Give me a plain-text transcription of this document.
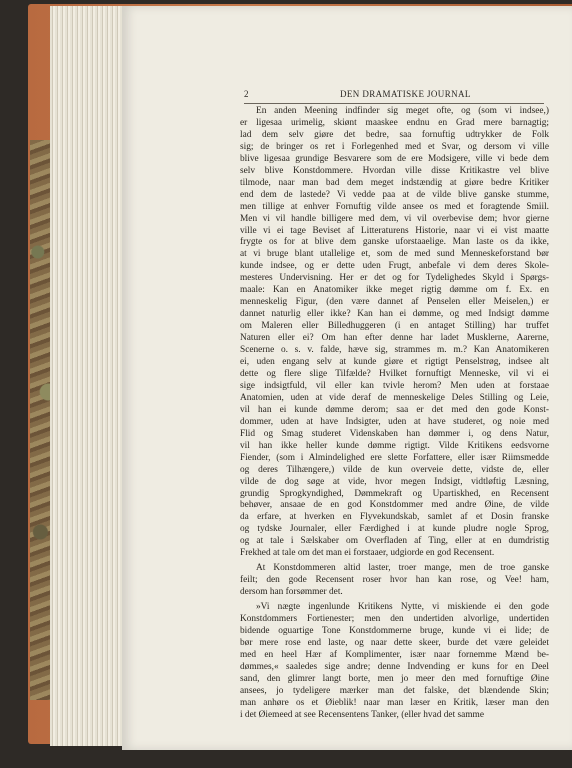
2	DEN DRAMATISKE JOURNAL
En anden Meening indfinder sig meget ofte, og (som vi indsee,)
er ligesaa urimelig, skiønt maaskee endnu en Grad mere barnagtig;
lad dem selv giøre det bedre, saa fornuftig udtrykker de Folk
sig; de bringer os ret i Forlegenhed med et Svar, og dersom vi ville
blive ligesaa grundige Besvarere som de ere Modsigere, ville vi bede dem
selv blive Konstdommere. Hvordan ville disse Kritikastre vel blive
tilmode, naar man bad dem meget indstændig at giøre bedre Kritiker
end dem de lastede? Vi vedde paa at de vilde blive ganske stumme,
men tillige at enhver Fornuftig vilde ansee os med et foragtende Smiil.
Men vi vil handle billigere med dem, vi vil overbevise dem; hvor gierne
ville vi ei tage Beviset af Litteraturens Historie, naar vi ei vist maatte
frygte os for at blive dem ganske uforstaaelige. Man laste os da ikke,
at vi bruge blant utallelige et, som de med sund Menneskeforstand bør
kunde indsee, og er dette uden Frugt, anbefale vi dem deres Skole-
mesteres Undervisning. Her er det og for Tydelighedes Skyld i Spørgs-
maale: Kan en Anatomiker ikke meget rigtig dømme om f. Ex. en
menneskelig Figur, (den være dannet af Penselen eller Meiselen,) er
dannet naturlig eller ikke? Kan han ei dømme, og med Indsigt dømme
om Maleren eller Billedhuggeren (i en antaget Stilling) har truffet
Naturen eller ei? Om han efter denne har ladet Musklerne, Aarerne,
Scenerne o. s. v. falde, hæve sig, strammes m. m.? Kan Anatomikeren
ei, uden engang selv at kunde giøre et rigtigt Penselstrøg, indsee alt
dette og flere slige Tilfælde? Hvilket fornuftigt Menneske, vil vi ei
sige indsigtfuld, vil eller kan tvivle herom? Men uden at forstaae
Anatomien, uden at vide deraf de menneskelige Deles Stilling og Leie,
vil han ei kunde dømme derom; saa er det med den gode Konst-
dommer, uden at have Indsigter, uden at have studeret, og noie med
Flid og Smag studeret Videnskaben han dømmer i, og dens Natur,
vil han ikke heller kunde dømme rigtigt. Vilde Kritikens eedsvorne
Fiender, (som i Almindelighed ere slette Forfattere, eller især Riimsmedde
og deres Tilhængere,) vilde de kun overveie dette, vidste de, eller
vilde de dog søge at vide, hvor megen Indsigt, vidtløftig Læsning,
grundig Sprogkyndighed, Dømmekraft og Upartiskhed, en Recensent
behøver, ansaae de en god Konstdommer med andre Øine, de vilde
da erfare, at hverken en Flyvekundskab, samlet af et Dosin franske
og tydske Journaler, eller Færdighed i at kunde pludre nogle Sprog,
og at tale i Sælskaber om Overfladen af Ting, eller at en dumdristig
Frekhed at tale om det man ei forstaaer, udgiorde en god Recensent.
At Konstdommeren altid laster, troer mange, men de troe ganske
feilt; den gode Recensent roser hvor han kan rose, og Vee! ham,
dersom han forsømmer det.
»Vi nægte ingenlunde Kritikens Nytte, vi miskiende ei den gode
Konstdommers Fortienester; men den undertiden alvorlige, undertiden
bidende oguartige Tone Konstdommerne bruge, kunde vi ei lide; de
bør mere rose end laste, og naar dette skeer, burde det være geleidet
med en heel Hær af Komplimenter, især naar fornemme Mænd be-
dømmes,« saaledes sige andre; denne Indvending er kuns for en Deel
sand, den glimrer langt borte, men jo meer den med fornuftige Øine
ansees, jo tydeligere mærker man det falske, det blændende Skin;
man anhøre os et Øieblik! naar man læser en Kritik, læser man den
i det Øiemeed at see Recensentens Tanker, (eller hvad det samme
